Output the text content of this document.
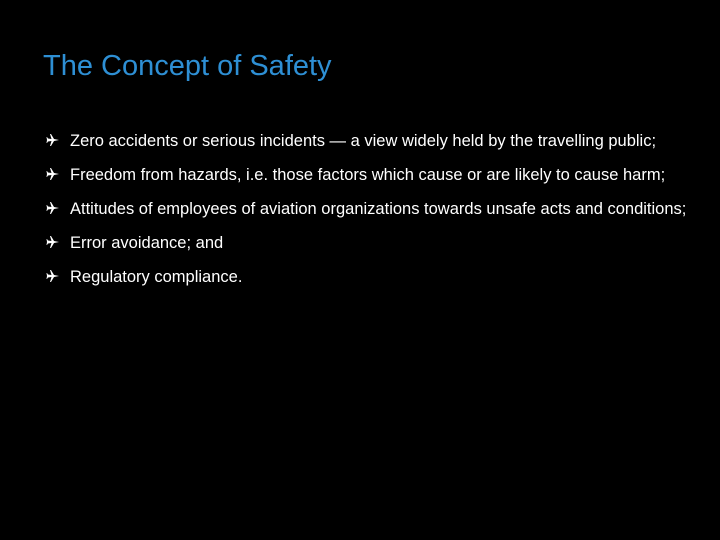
The Concept of Safety
Zero accidents or serious incidents — a view widely held by the travelling public;
Freedom from hazards, i.e. those factors which cause or are likely to cause harm;
Attitudes of employees of aviation organizations towards unsafe acts and conditions;
Error avoidance; and
Regulatory compliance.
